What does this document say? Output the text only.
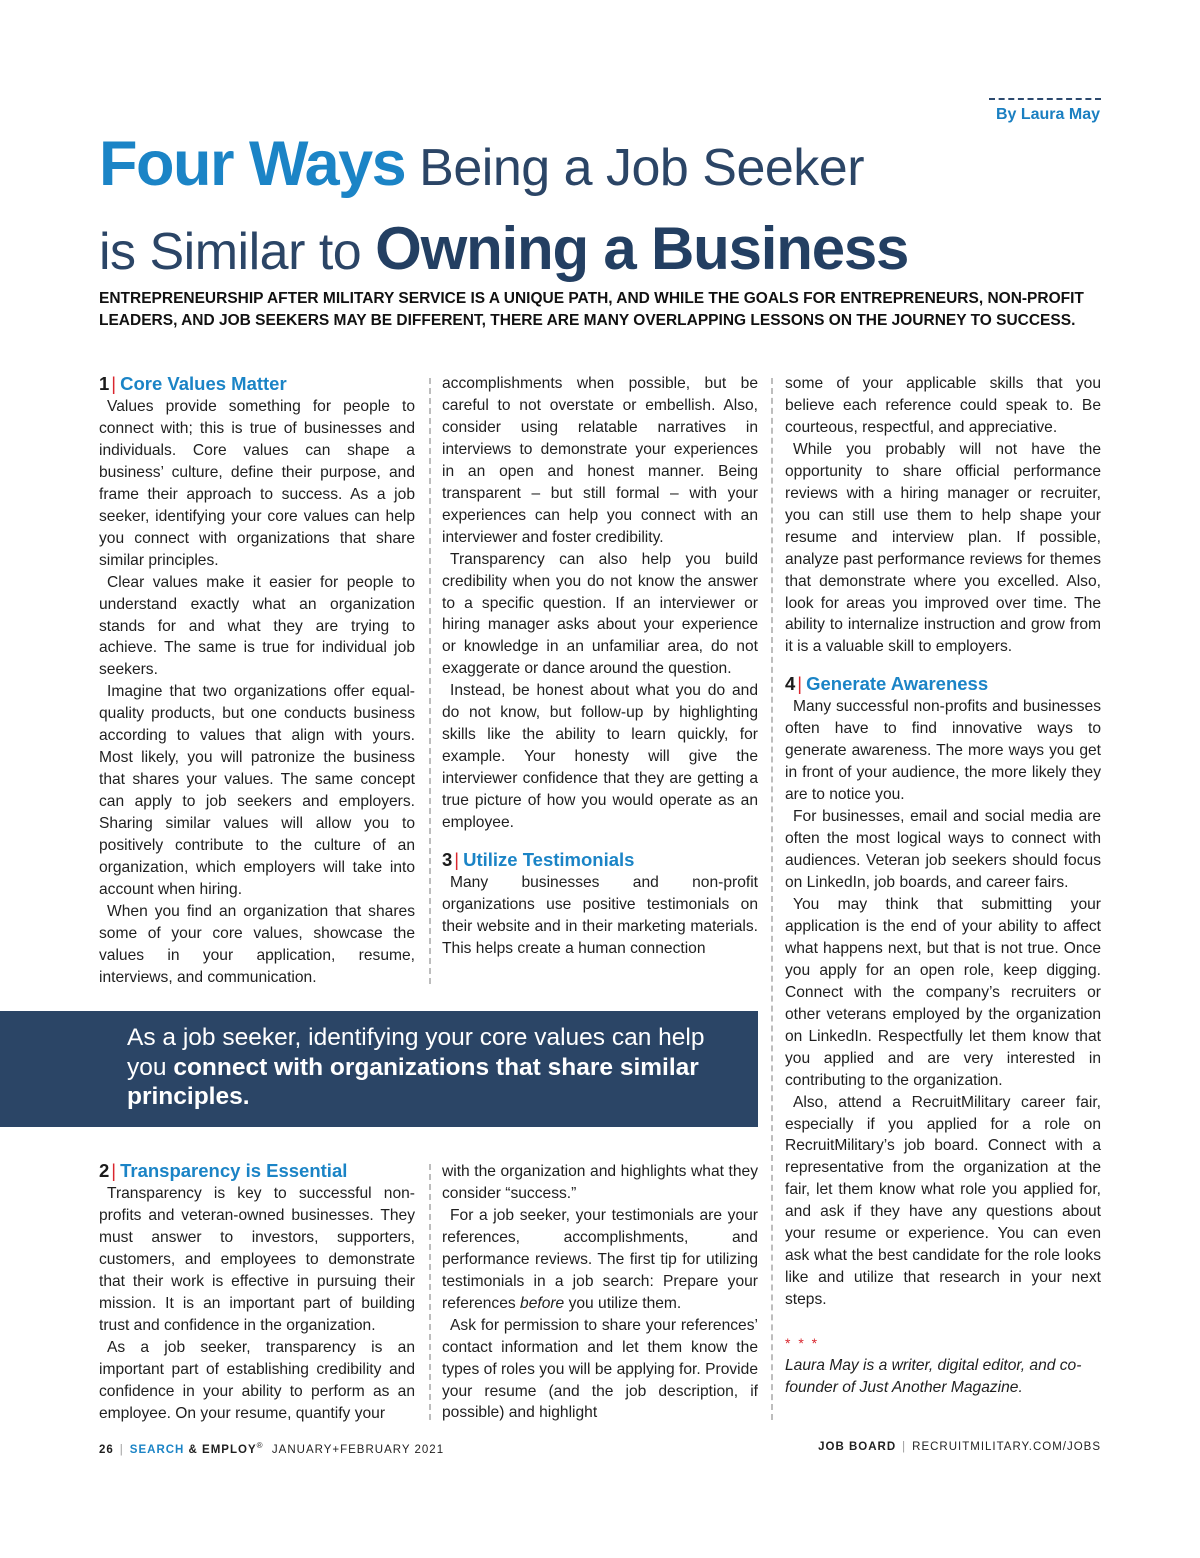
By Laura May
Four Ways Being a Job Seeker
is Similar to Owning a Business
ENTREPRENEURSHIP AFTER MILITARY SERVICE IS A UNIQUE PATH, AND WHILE THE GOALS FOR ENTREPRENEURS, NON-PROFIT LEADERS, AND JOB SEEKERS MAY BE DIFFERENT, THERE ARE MANY OVERLAPPING LESSONS ON THE JOURNEY TO SUCCESS.
1 | Core Values Matter

Values provide something for people to connect with; this is true of businesses and individuals. Core values can shape a business’ culture, define their purpose, and frame their approach to success. As a job seeker, identifying your core values can help you connect with organizations that share similar principles.

Clear values make it easier for people to understand exactly what an organization stands for and what they are trying to achieve. The same is true for individual job seekers.

Imagine that two organizations offer equal-quality products, but one conducts business according to values that align with yours. Most likely, you will patronize the business that shares your values. The same concept can apply to job seekers and employers. Sharing similar values will allow you to positively contribute to the culture of an organization, which employers will take into account when hiring.

When you find an organization that shares some of your core values, showcase the values in your application, resume, interviews, and communication.

accomplishments when possible, but be careful to not overstate or embellish. Also, consider using relatable narratives in interviews to demonstrate your experiences in an open and honest manner. Being transparent – but still formal – with your experiences can help you connect with an interviewer and foster credibility.

Transparency can also help you build credibility when you do not know the answer to a specific question. If an interviewer or hiring manager asks about your experience or knowledge in an unfamiliar area, do not exaggerate or dance around the question.

Instead, be honest about what you do and do not know, but follow-up by highlighting skills like the ability to learn quickly, for example. Your honesty will give the interviewer confidence that they are getting a true picture of how you would operate as an employee.

3 | Utilize Testimonials

Many businesses and non-profit organizations use positive testimonials on their website and in their marketing materials. This helps create a human connection

some of your applicable skills that you believe each reference could speak to. Be courteous, respectful, and appreciative.

While you probably will not have the opportunity to share official performance reviews with a hiring manager or recruiter, you can still use them to help shape your resume and interview plan. If possible, analyze past performance reviews for themes that demonstrate where you excelled. Also, look for areas you improved over time. The ability to internalize instruction and grow from it is a valuable skill to employers.

4 | Generate Awareness

Many successful non-profits and businesses often have to find innovative ways to generate awareness. The more ways you get in front of your audience, the more likely they are to notice you.

For businesses, email and social media are often the most logical ways to connect with audiences. Veteran job seekers should focus on LinkedIn, job boards, and career fairs.

You may think that submitting your application is the end of your ability to affect what happens next, but that is not true. Once you apply for an open role, keep digging. Connect with the company’s recruiters or other veterans employed by the organization on LinkedIn. Respectfully let them know that you applied and are very interested in contributing to the organization.

Also, attend a RecruitMilitary career fair, especially if you applied for a role on RecruitMilitary’s job board. Connect with a representative from the organization at the fair, let them know what role you applied for, and ask if they have any questions about your resume or experience. You can even ask what the best candidate for the role looks like and utilize that research in your next steps.

* * *

Laura May is a writer, digital editor, and co-founder of Just Another Magazine.

As a job seeker, identifying your core values can help you connect with organizations that share similar principles.
2 | Transparency is Essential

Transparency is key to successful non-profits and veteran-owned businesses. They must answer to investors, supporters, customers, and employees to demonstrate that their work is effective in pursuing their mission. It is an important part of building trust and confidence in the organization.

As a job seeker, transparency is an important part of establishing credibility and confidence in your ability to perform as an employee. On your resume, quantify your

with the organization and highlights what they consider “success.”

For a job seeker, your testimonials are your references, accomplishments, and performance reviews. The first tip for utilizing testimonials in a job search: Prepare your references before you utilize them.

Ask for permission to share your references’ contact information and let them know the types of roles you will be applying for. Provide your resume (and the job description, if possible) and highlight

26 | SEARCH & EMPLOY® JANUARY+FEBRUARY 2021	JOB BOARD | RECRUITMILITARY.COM/JOBS
